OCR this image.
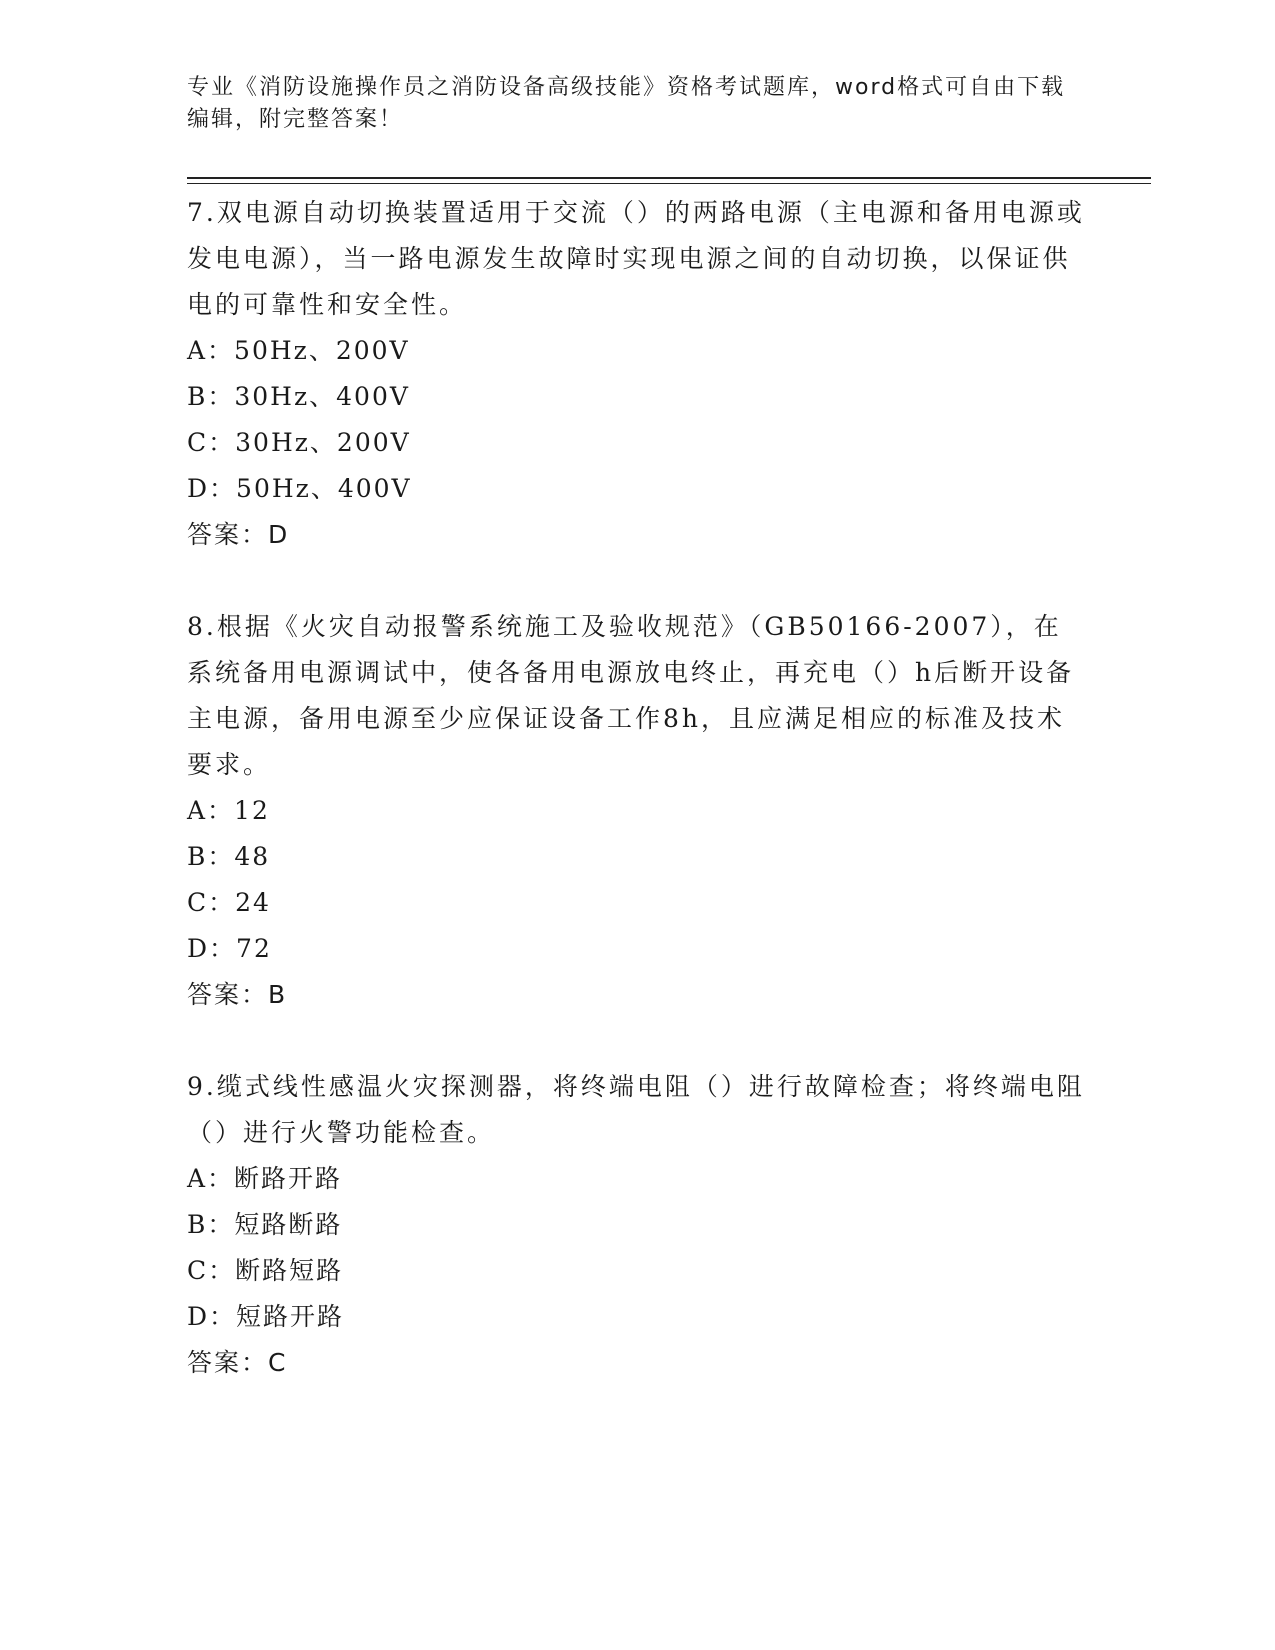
专业《消防设施操作员之消防设备高级技能》资格考试题库，word格式可自由下载编辑，附完整答案！

7.双电源自动切换装置适用于交流（）的两路电源（主电源和备用电源或发电电源），当一路电源发生故障时实现电源之间的自动切换，以保证供电的可靠性和安全性。

A：50Hz、200V

B：30Hz、400V

C：30Hz、200V

D：50Hz、400V

答案：D

8.根据《火灾自动报警系统施工及验收规范》（GB50166-2007），在系统备用电源调试中，使各备用电源放电终止，再充电（）h后断开设备主电源，备用电源至少应保证设备工作8h，且应满足相应的标准及技术要求。

A：12

B：48

C：24

D：72

答案：B

9.缆式线性感温火灾探测器，将终端电阻（）进行故障检查；将终端电阻（）进行火警功能检查。

A：断路开路

B：短路断路

C：断路短路

D：短路开路

答案：C
